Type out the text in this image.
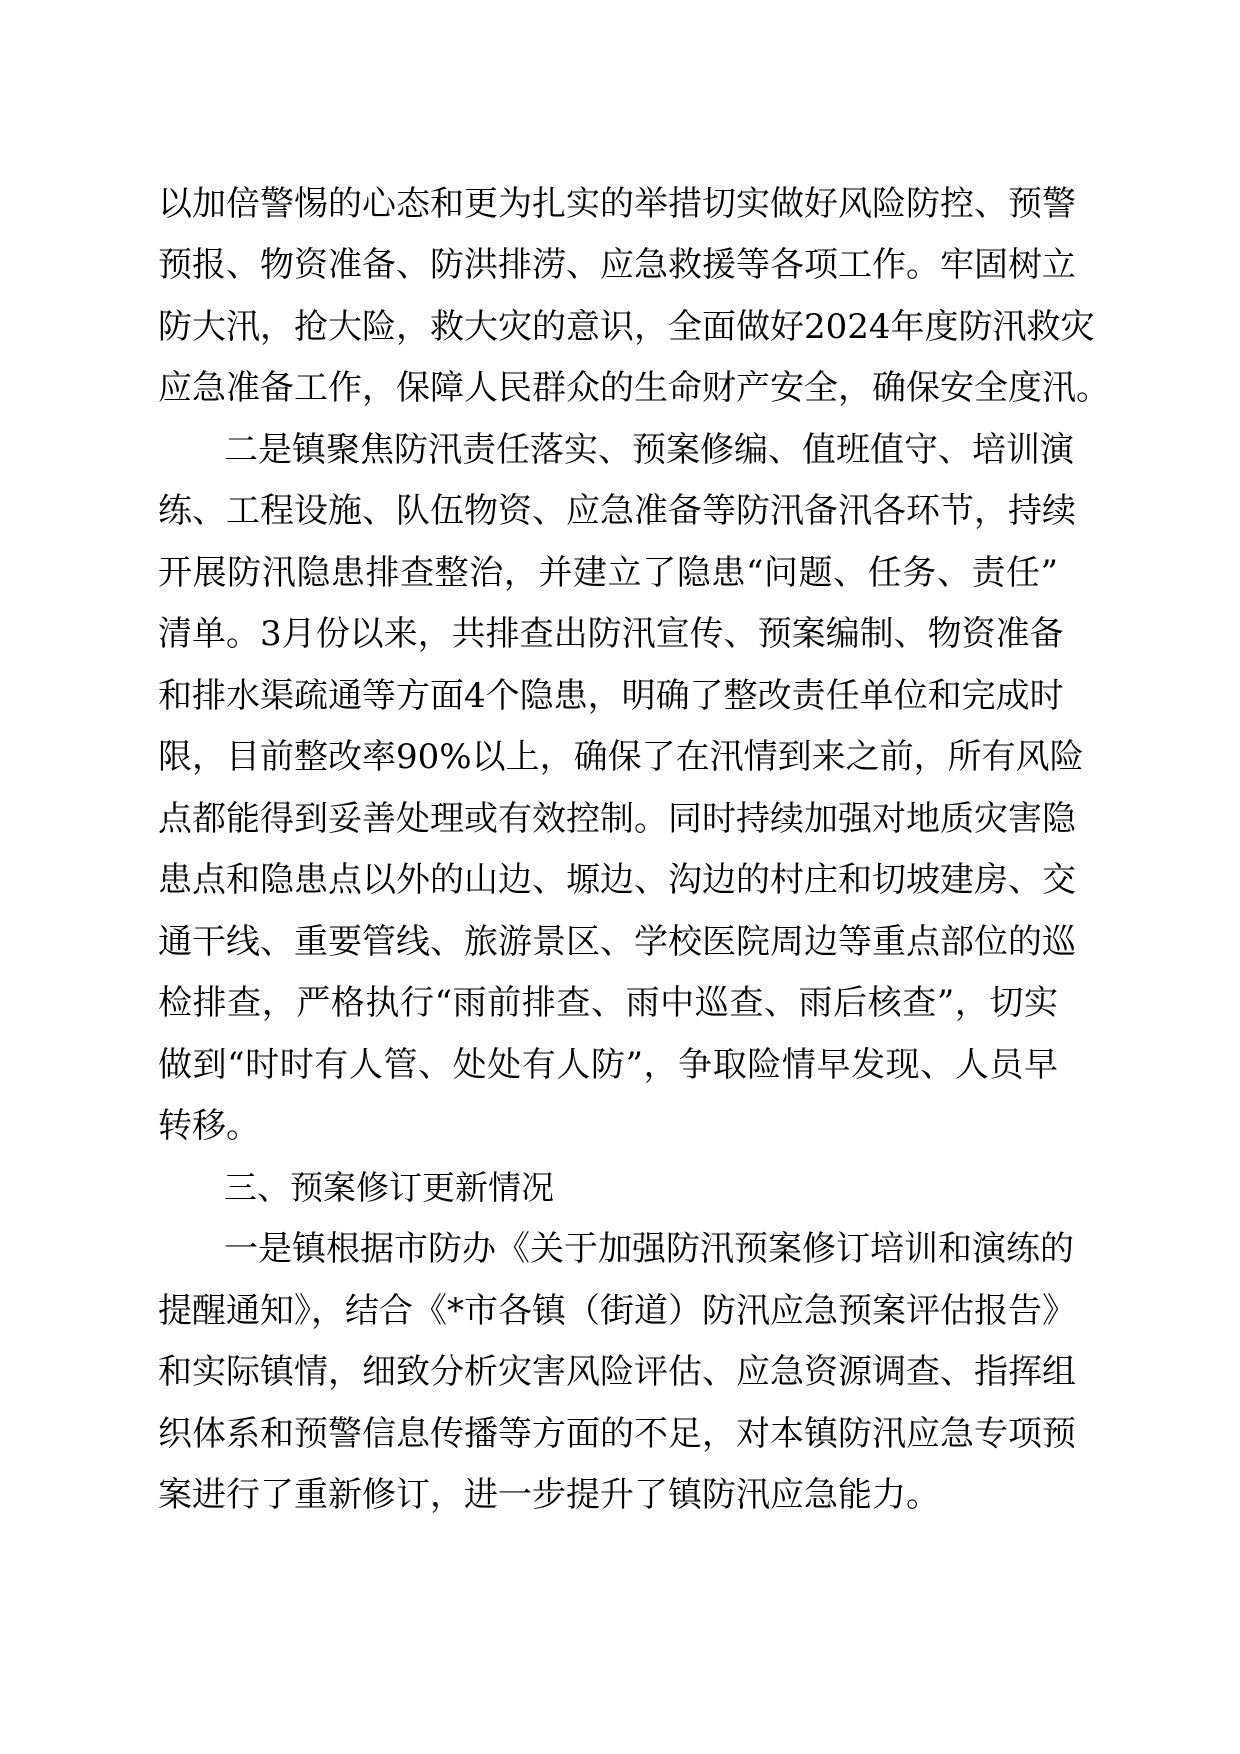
以加倍警惕的心态和更为扎实的举措切实做好风险防控、预警
预报、物资准备、防洪排涝、应急救援等各项工作。牢固树立
防大汛，抢大险，救大灾的意识，全面做好2024年度防汛救灾
应急准备工作，保障人民群众的生命财产安全，确保安全度汛。
二是镇聚焦防汛责任落实、预案修编、值班值守、培训演
练、工程设施、队伍物资、应急准备等防汛备汛各环节，持续
开展防汛隐患排查整治，并建立了隐患“问题、任务、责任”
清单。3月份以来，共排查出防汛宣传、预案编制、物资准备
和排水渠疏通等方面4个隐患，明确了整改责任单位和完成时
限，目前整改率90%以上，确保了在汛情到来之前，所有风险
点都能得到妥善处理或有效控制。同时持续加强对地质灾害隐
患点和隐患点以外的山边、塬边、沟边的村庄和切坡建房、交
通干线、重要管线、旅游景区、学校医院周边等重点部位的巡
检排查，严格执行“雨前排查、雨中巡查、雨后核查”，切实
做到“时时有人管、处处有人防”，争取险情早发现、人员早
转移。
三、预案修订更新情况
一是镇根据市防办《关于加强防汛预案修订培训和演练的
提醒通知》，结合《*市各镇（街道）防汛应急预案评估报告》
和实际镇情，细致分析灾害风险评估、应急资源调查、指挥组
织体系和预警信息传播等方面的不足，对本镇防汛应急专项预
案进行了重新修订，进一步提升了镇防汛应急能力。
